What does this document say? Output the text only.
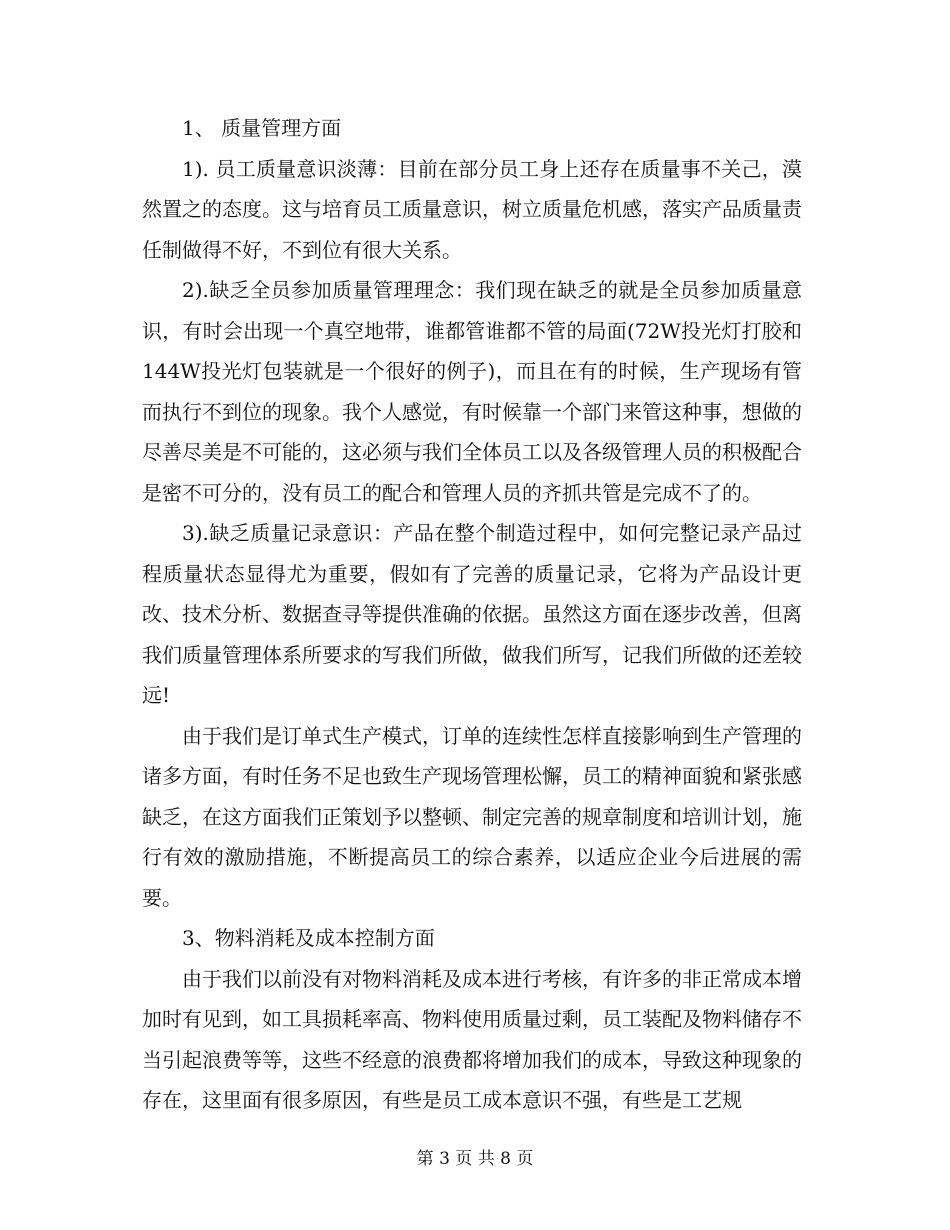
1、 质量管理方面

1). 员工质量意识淡薄：目前在部分员工身上还存在质量事不关己，漠然置之的态度。这与培育员工质量意识，树立质量危机感，落实产品质量责任制做得不好，不到位有很大关系。

2).缺乏全员参加质量管理理念：我们现在缺乏的就是全员参加质量意识，有时会出现一个真空地带，谁都管谁都不管的局面(72W投光灯打胶和144W投光灯包装就是一个很好的例子)，而且在有的时候，生产现场有管而执行不到位的现象。我个人感觉，有时候靠一个部门来管这种事，想做的尽善尽美是不可能的，这必须与我们全体员工以及各级管理人员的积极配合是密不可分的，没有员工的配合和管理人员的齐抓共管是完成不了的。

3).缺乏质量记录意识：产品在整个制造过程中，如何完整记录产品过程质量状态显得尤为重要，假如有了完善的质量记录，它将为产品设计更改、技术分析、数据查寻等提供准确的依据。虽然这方面在逐步改善，但离我们质量管理体系所要求的写我们所做，做我们所写，记我们所做的还差较远!

由于我们是订单式生产模式，订单的连续性怎样直接影响到生产管理的诸多方面，有时任务不足也致生产现场管理松懈，员工的精神面貌和紧张感缺乏，在这方面我们正策划予以整顿、制定完善的规章制度和培训计划，施行有效的激励措施，不断提高员工的综合素养，以适应企业今后进展的需要。

3、物料消耗及成本控制方面

由于我们以前没有对物料消耗及成本进行考核，有许多的非正常成本增加时有见到，如工具损耗率高、物料使用质量过剩，员工装配及物料储存不当引起浪费等等，这些不经意的浪费都将增加我们的成本，导致这种现象的存在，这里面有很多原因，有些是员工成本意识不强，有些是工艺规

第 3 页 共 8 页
